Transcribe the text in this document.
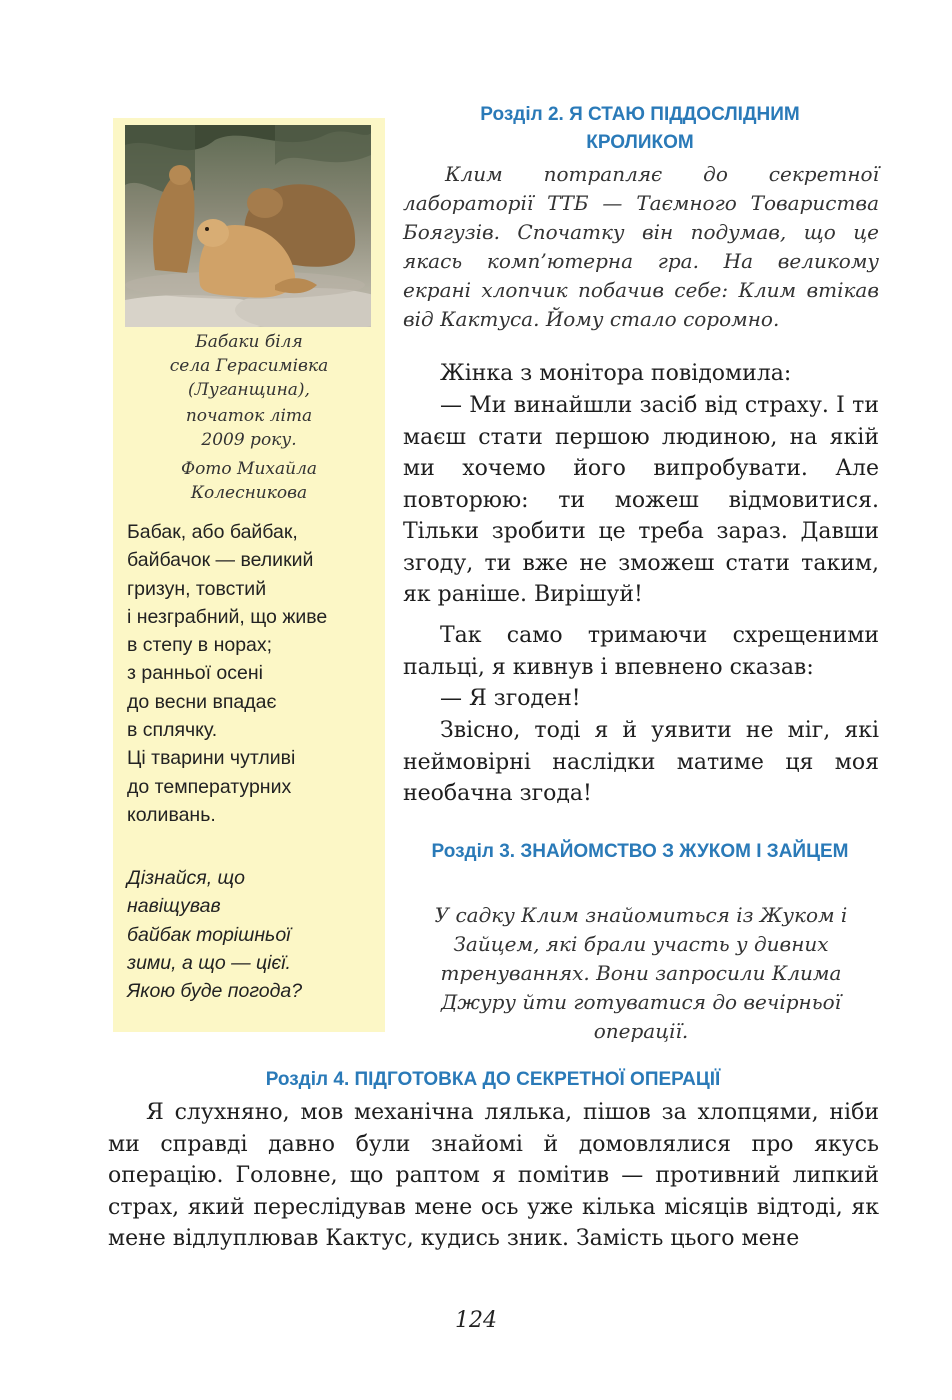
Бабаки біля
села Герасимівка
(Луганщина),

початок літа
2009 року.

Фото Михайла
Колесникова

Бабак, або байбак,
байбачок — великий
гризун, товстий
і незграбний, що живе
в степу в норах;
з ранньої осені
до весни впадає
в сплячку.
Ці тварини чутливі
до температурних
коливань.

Дізнайся, що
навіщував
байбак торішньої
зими, а що — цієї.
Якою буде погода?

Розділ 2. Я СТАЮ ПІДДОСЛІДНИМ КРОЛИКОМ

Клим потрапляє до секретної лабораторії ТТБ — Таємного Товариства Боягузів. Спочатку він подумав, що це якась комп’ютерна гра. На великому екрані хлопчик побачив себе: Клим втікав від Кактуса. Йому стало соромно.

Жінка з монітора повідомила:

— Ми винайшли засіб від страху. І ти маєш стати першою людиною, на якій ми хочемо його випробувати. Але повторюю: ти можеш відмовитися. Тільки зробити це треба зараз. Давши згоду, ти вже не зможеш стати таким, як раніше. Вирішуй!

Так само тримаючи схрещеними пальці, я кивнув і впевнено сказав:

— Я згоден!

Звісно, тоді я й уявити не міг, які неймовірні наслідки матиме ця моя необачна згода!

Розділ 3. ЗНАЙОМСТВО З ЖУКОМ І ЗАЙЦЕМ

У садку Клим знайомиться із Жуком і Зайцем, які брали участь у дивних тренуваннях. Вони запросили Клима Джуру йти готуватися до вечірньої операції.

Розділ 4. ПІДГОТОВКА ДО СЕКРЕТНОЇ ОПЕРАЦІЇ

Я слухняно, мов механічна лялька, пішов за хлопцями, ніби ми справді давно були знайомі й домовлялися про якусь операцію. Головне, що раптом я помітив — противний липкий страх, який переслідував мене ось уже кілька місяців відтоді, як мене відлуплював Кактус, кудись зник. Замість цього мене

124
